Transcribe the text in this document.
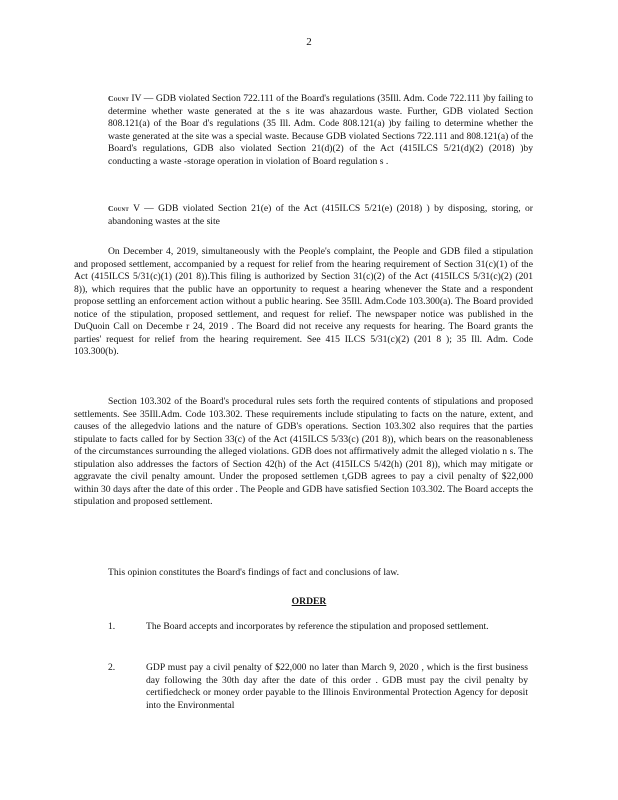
2
Count IV — GDB violated Section 722.111 of the Board's regulations (35Ill. Adm. Code 722.111 )by failing to determine whether waste generated at the s ite was ahazardous waste. Further, GDB violated Section 808.121(a) of the Boar d's regulations (35 Ill. Adm. Code 808.121(a) )by failing to determine whether the waste generated at the site was a special waste. Because GDB violated Sections 722.111 and 808.121(a) of the Board's regulations, GDB also violated Section 21(d)(2) of the Act (415ILCS 5/21(d)(2) (2018) )by conducting a waste -storage operation in violation of Board regulation s .
Count V — GDB violated Section 21(e) of the Act (415ILCS 5/21(e) (2018) ) by disposing, storing, or abandoning wastes at the site
On December 4, 2019, simultaneously with the People's complaint, the People and GDB filed a stipulation and proposed settlement, accompanied by a request for relief from the hearing requirement of Section 31(c)(1) of the Act (415ILCS 5/31(c)(1) (201 8)).This filing is authorized by Section 31(c)(2) of the Act (415ILCS 5/31(c)(2) (201 8)), which requires that the public have an opportunity to request a hearing whenever the State and a respondent propose settling an enforcement action without a public hearing. See 35Ill. Adm.Code 103.300(a). The Board provided notice of the stipulation, proposed settlement, and request for relief. The newspaper notice was published in the DuQuoin Call on Decembe r 24, 2019 . The Board did not receive any requests for hearing. The Board grants the parties' request for relief from the hearing requirement. See 415 ILCS 5/31(c)(2) (201 8 ); 35 Ill. Adm. Code 103.300(b).
Section 103.302 of the Board's procedural rules sets forth the required contents of stipulations and proposed settlements. See 35Ill.Adm. Code 103.302. These requirements include stipulating to facts on the nature, extent, and causes of the allegedvio lations and the nature of GDB's operations. Section 103.302 also requires that the parties stipulate to facts called for by Section 33(c) of the Act (415ILCS 5/33(c) (201 8)), which bears on the reasonableness of the circumstances surrounding the alleged violations. GDB does not affirmatively admit the alleged violatio n s. The stipulation also addresses the factors of Section 42(h) of the Act (415ILCS 5/42(h) (201 8)), which may mitigate or aggravate the civil penalty amount. Under the proposed settlemen t,GDB agrees to pay a civil penalty of $22,000 within 30 days after the date of this order . The People and GDB have satisfied Section 103.302. The Board accepts the stipulation and proposed settlement.
This opinion constitutes the Board's findings of fact and conclusions of law.
ORDER
1.	The Board accepts and incorporates by reference the stipulation and proposed settlement.
2.	GDP must pay a civil penalty of $22,000 no later than March 9, 2020 , which is the first business day following the 30th day after the date of this order . GDB must pay the civil penalty by certifiedcheck or money order payable to the Illinois Environmental Protection Agency for deposit into the Environmental
